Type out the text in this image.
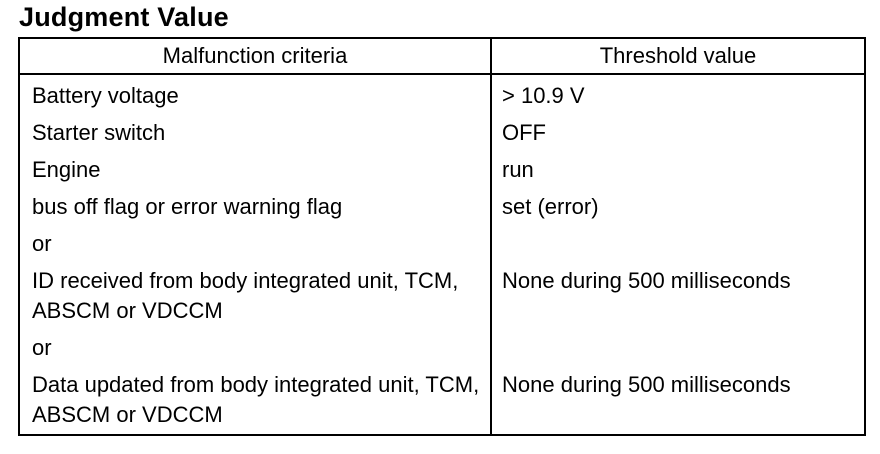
Judgment Value
Malfunction criteria	Threshold value
Battery voltage	> 10.9 V
Starter switch	OFF
Engine	run
bus off flag or error warning flag	set (error)
or	
ID received from body integrated unit, TCM, ABSCM or VDCCM	None during 500 milliseconds
or	
Data updated from body integrated unit, TCM, ABSCM or VDCCM	None during 500 milliseconds
